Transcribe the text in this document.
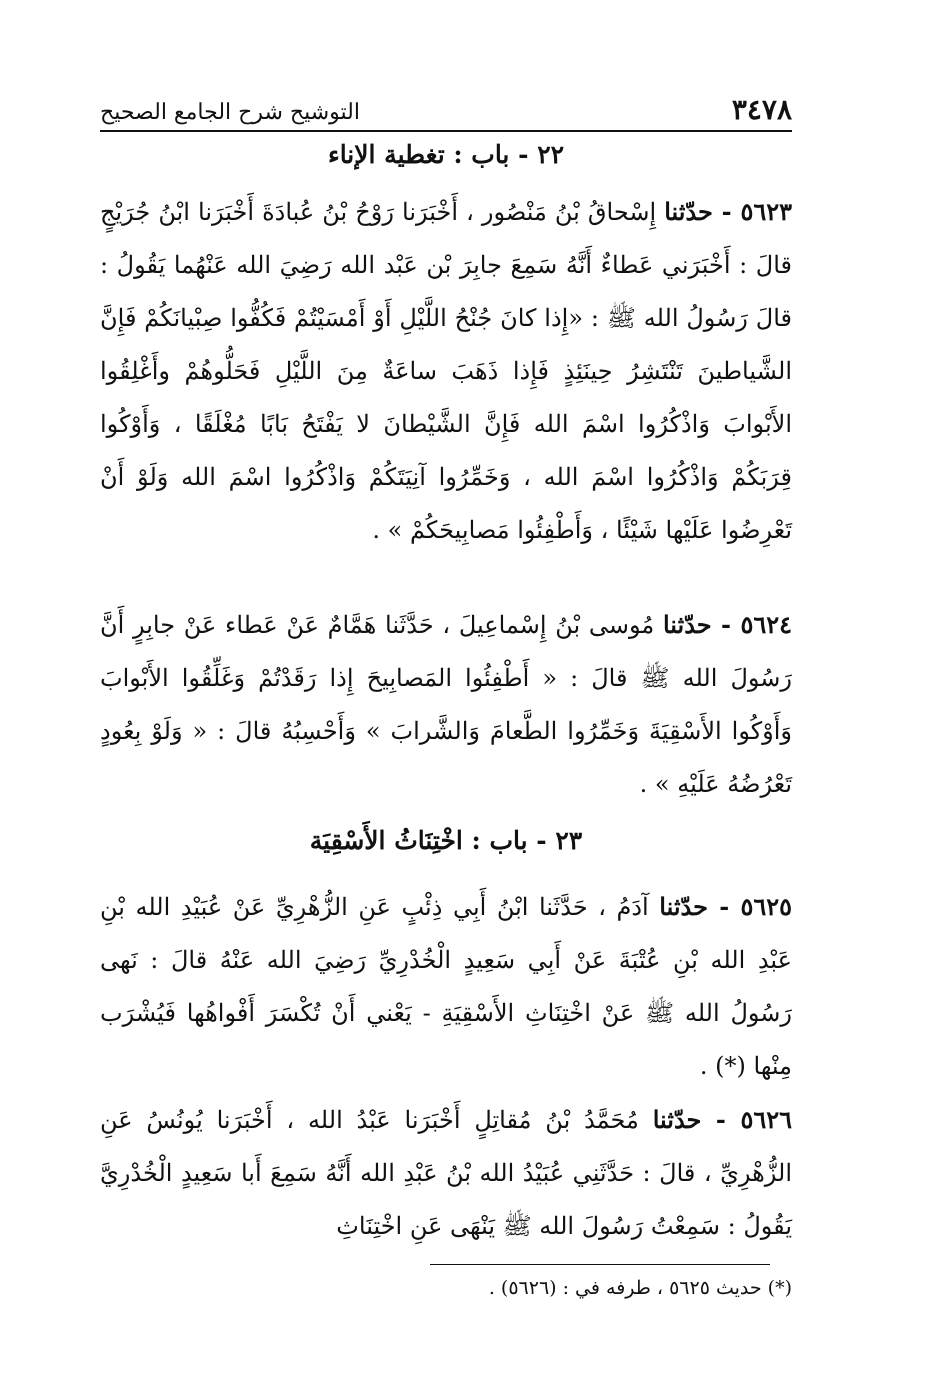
٣٤٧٨
التوشيح شرح الجامع الصحيح
٢٢ - باب : تغطية الإناء

٥٦٢٣ - حدّثنا إِسْحاقُ بْنُ مَنْصُور ، أَخْبَرَنا رَوْحُ بْنُ عُبادَةَ أَخْبَرَنا ابْنُ جُرَيْجٍ قالَ : أَخْبَرَني عَطاءٌ أَنَّهُ سَمِعَ جابِرَ بْن عَبْد الله رَضِيَ الله عَنْهُما يَقُولُ : قالَ رَسُولُ الله ﷺ : «إِذا كانَ جُنْحُ اللَّيْلِ أَوْ أَمْسَيْتُمْ فَكُفُّوا صِبْيانَكُمْ فَإِنَّ الشَّياطينَ تَنْتَشِرُ حِينَئِذٍ فَإِذا ذَهَبَ ساعَةٌ مِنَ اللَّيْلِ فَحَلُّوهُمْ وأَغْلِقُوا الأَبْوابَ وَاذْكُرُوا اسْمَ الله فَإِنَّ الشَّيْطانَ لا يَفْتَحُ بَابًا مُغْلَقًا ، وَأَوْكُوا قِرَبَكُمْ وَاذْكُرُوا اسْمَ الله ، وَخَمِّرُوا آنِيَتَكُمْ وَاذْكُرُوا اسْمَ الله وَلَوْ أَنْ تَعْرِضُوا عَلَيْها شَيْئًا ، وَأَطْفِئُوا مَصابِيحَكُمْ » .

٥٦٢٤ - حدّثنا مُوسى بْنُ إِسْماعِيلَ ، حَدَّثَنا هَمَّامٌ عَنْ عَطاء عَنْ جابِرٍ أَنَّ رَسُولَ الله ﷺ قالَ : « أَطْفِئُوا المَصابِيحَ إِذا رَقَدْتُمْ وَغَلِّقُوا الأَبْوابَ وَأَوْكُوا الأَسْقِيَةَ وَخَمِّرُوا الطَّعامَ وَالشَّرابَ » وَأَحْسِبُهُ قالَ : « وَلَوْ بِعُودٍ تَعْرُضُهُ عَلَيْهِ » .

٢٣ - باب : اخْتِنَاثُ الأَسْقِيَة

٥٦٢٥ - حدّثنا آدَمُ ، حَدَّثَنا ابْنُ أَبِي ذِئْبٍ عَنِ الزُّهْرِيِّ عَنْ عُبَيْدِ الله بْنِ عَبْدِ الله بْنِ عُتْبَةَ عَنْ أَبِي سَعِيدٍ الْخُدْرِيِّ رَضِيَ الله عَنْهُ قالَ : نَهى رَسُولُ الله ﷺ عَنْ اخْتِنَاثِ الأَسْقِيَةِ - يَعْني أَنْ تُكْسَرَ أَفْواهُها فَيُشْرَب مِنْها (*) .

٥٦٢٦ - حدّثنا مُحَمَّدُ بْنُ مُقاتِلٍ أَخْبَرَنا عَبْدُ الله ، أَخْبَرَنا يُونُسُ عَنِ الزُّهْرِيِّ ، قالَ : حَدَّثَنِي عُبَيْدُ الله بْنُ عَبْدِ الله أَنَّهُ سَمِعَ أَبا سَعِيدٍ الْخُدْرِيَّ يَقُولُ : سَمِعْتُ رَسُولَ الله ﷺ يَنْهَى عَنِ اخْتِنَاثِ

(*) حديث ٥٦٢٥ ، طرفه في : (٥٦٢٦) .
